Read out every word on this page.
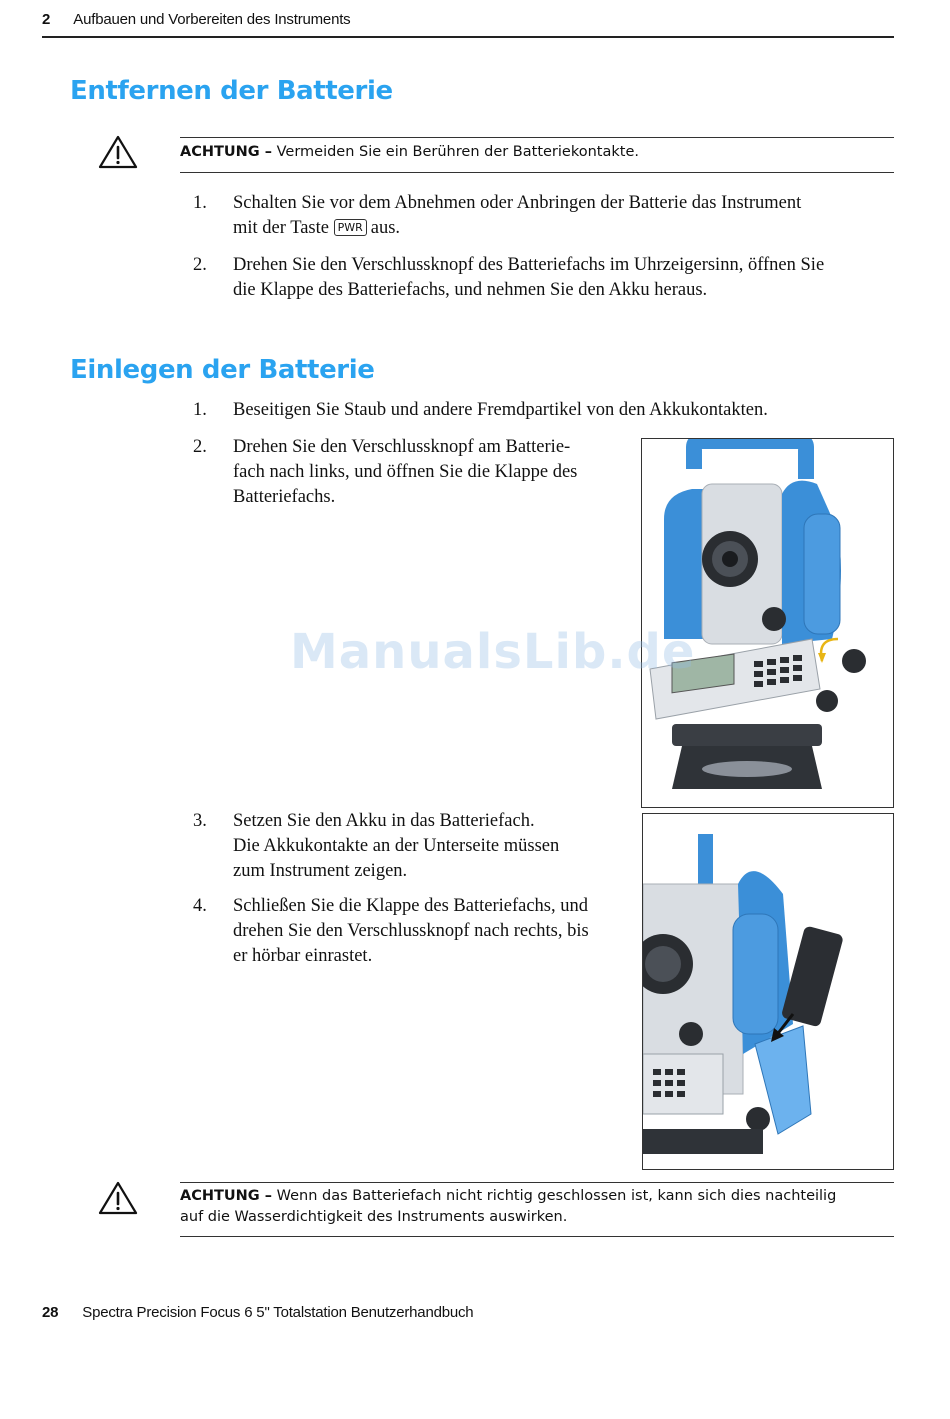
2 Aufbauen und Vorbereiten des Instruments
Entfernen der Batterie
ACHTUNG – Vermeiden Sie ein Berühren der Batteriekontakte.
1. Schalten Sie vor dem Abnehmen oder Anbringen der Batterie das Instrument
mit der Taste PWR aus.
2. Drehen Sie den Verschlussknopf des Batteriefachs im Uhrzeigersinn, öffnen Sie
die Klappe des Batteriefachs, und nehmen Sie den Akku heraus.
Einlegen der Batterie
1. Beseitigen Sie Staub und andere Fremdpartikel von den Akkukontakten.
2. Drehen Sie den Verschlussknopf am Batterie-
fach nach links, und öffnen Sie die Klappe des
Batteriefachs.
3. Setzen Sie den Akku in das Batteriefach.
Die Akkukontakte an der Unterseite müssen
zum Instrument zeigen.
4. Schließen Sie die Klappe des Batteriefachs, und
drehen Sie den Verschlussknopf nach rechts, bis
er hörbar einrastet.
ManualsLib.de
ACHTUNG – Wenn das Batteriefach nicht richtig geschlossen ist, kann sich dies nachteilig
auf die Wasserdichtigkeit des Instruments auswirken.
28 Spectra Precision Focus 6 5" Totalstation Benutzerhandbuch
